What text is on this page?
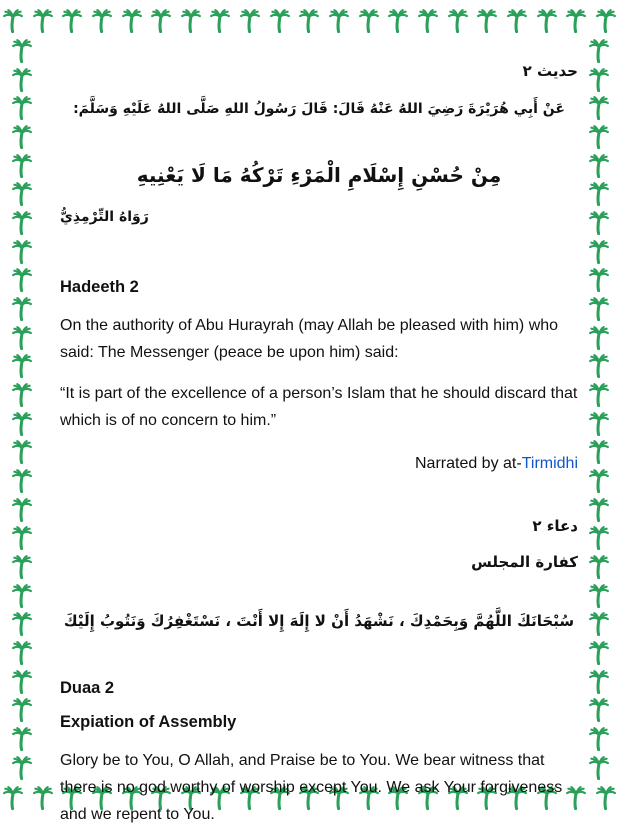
حديث ٢
عَنْ أَبِي هُرَيْرَةَ رَضِيَ اللهُ عَنْهُ قَالَ: قَالَ رَسُولُ اللهِ صَلَّى اللهُ عَلَيْهِ وَسَلَّمَ:
مِنْ حُسْنِ إِسْلَامِ الْمَرْءِ تَرْكُهُ مَا لَا يَعْنِيهِ
رَوَاهُ التِّرْمِذِيُّ
Hadeeth 2
On the authority of Abu Hurayrah (may Allah be pleased with him) who said: The Messenger (peace be upon him) said:
“It is part of the excellence of a person’s Islam that he should discard that which is of no concern to him.”
Narrated by at-Tirmidhi
دعاء ٢
كفارة المجلس
سُبْحَانَكَ اللَّهُمَّ وَبِحَمْدِكَ ، نَشْهَدُ أَنْ لا إِلَهَ إِلا أَنْتَ ، نَسْتَغْفِرُكَ وَنَتُوبُ إِلَيْكَ
Duaa 2
Expiation of Assembly
Glory be to You, O Allah, and Praise be to You. We bear witness that there is no god worthy of worship except You. We ask Your forgiveness and we repent to You.
